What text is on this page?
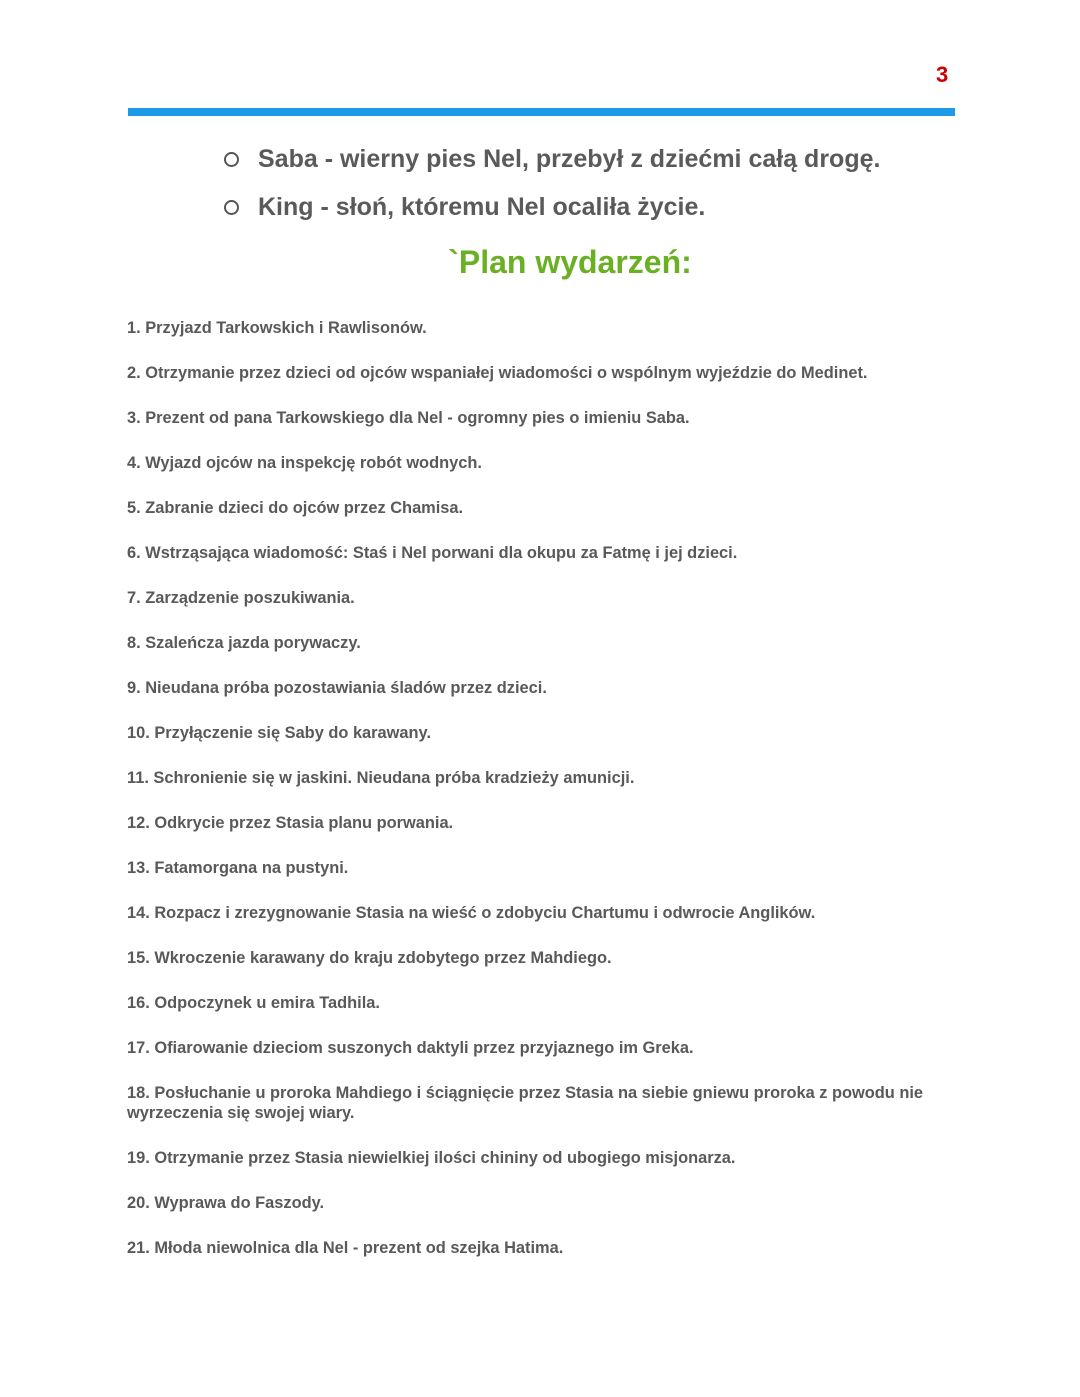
3
Saba - wierny pies Nel, przebył z dziećmi całą drogę.
King - słoń, któremu Nel ocaliła życie.
`Plan wydarzeń:
1. Przyjazd Tarkowskich i Rawlisonów.
2. Otrzymanie przez dzieci od ojców wspaniałej wiadomości o wspólnym wyjeździe do Medinet.
3. Prezent od pana Tarkowskiego dla Nel - ogromny pies o imieniu Saba.
4. Wyjazd ojców na inspekcję robót wodnych.
5. Zabranie dzieci do ojców przez Chamisa.
6. Wstrząsająca wiadomość: Staś i Nel porwani dla okupu za Fatmę i jej dzieci.
7. Zarządzenie poszukiwania.
8. Szaleńcza jazda porywaczy.
9. Nieudana próba pozostawiania śladów przez dzieci.
10. Przyłączenie się Saby do karawany.
11. Schronienie się w jaskini. Nieudana próba kradzieży amunicji.
12. Odkrycie przez Stasia planu porwania.
13. Fatamorgana na pustyni.
14. Rozpacz i zrezygnowanie Stasia na wieść o zdobyciu Chartumu i odwrocie Anglików.
15. Wkroczenie karawany do kraju zdobytego przez Mahdiego.
16. Odpoczynek u emira Tadhila.
17. Ofiarowanie dzieciom suszonych daktyli przez przyjaznego im Greka.
18. Posłuchanie u proroka Mahdiego i ściągnięcie przez Stasia na siebie gniewu proroka z powodu nie wyrzeczenia się swojej wiary.
19. Otrzymanie przez Stasia niewielkiej ilości chininy od ubogiego misjonarza.
20. Wyprawa do Faszody.
21. Młoda niewolnica dla Nel - prezent od szejka Hatima.
